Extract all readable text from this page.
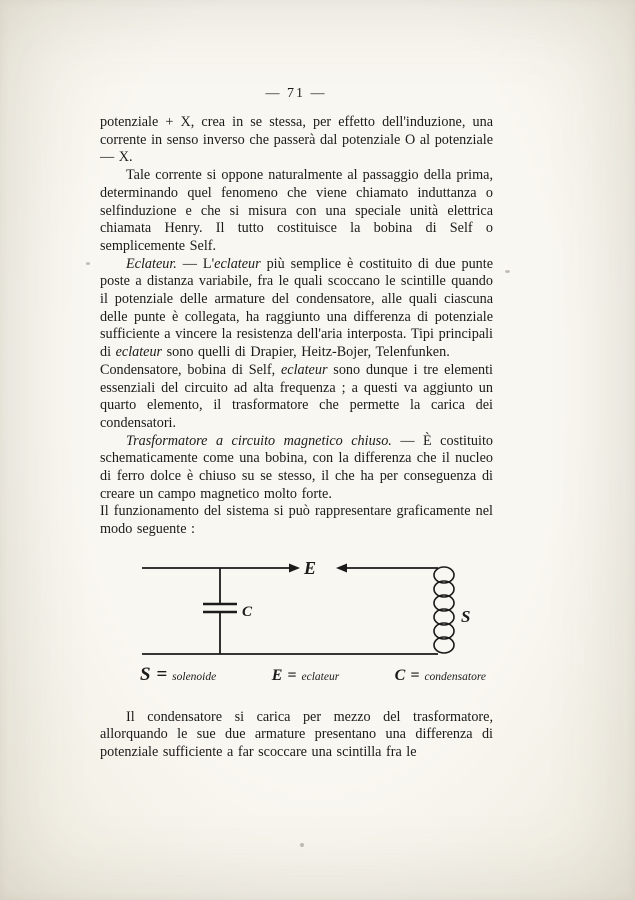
— 71 —

potenziale + X, crea in se stessa, per effetto dell'induzione, una corrente in senso inverso che passerà dal potenziale O al potenziale — X.

Tale corrente si oppone naturalmente al passaggio della prima, determinando quel fenomeno che viene chiamato induttanza o selfinduzione e che si misura con una speciale unità elettrica chiamata Henry. Il tutto costituisce la bobina di Self o semplicemente Self.

Eclateur. — L'eclateur più semplice è costituito di due punte poste a distanza variabile, fra le quali scoccano le scintille quando il potenziale delle armature del condensatore, alle quali ciascuna delle punte è collegata, ha raggiunto una differenza di potenziale sufficiente a vincere la resistenza dell'aria interposta. Tipi principali di eclateur sono quelli di Drapier, Heitz-Bojer, Telenfunken.

Condensatore, bobina di Self, eclateur sono dunque i tre elementi essenziali del circuito ad alta frequenza ; a questi va aggiunto un quarto elemento, il trasformatore che permette la carica dei condensatori.

Trasformatore a circuito magnetico chiuso. — È costituito schematicamente come una bobina, con la differenza che il nucleo di ferro dolce è chiuso su se stesso, il che ha per conseguenza di creare un campo magnetico molto forte.

Il funzionamento del sistema si può rappresentare graficamente nel modo seguente :

E
C	S
S = solenoide	E = eclateur	C = condensatore

Il condensatore si carica per mezzo del trasformatore, allorquando le sue due armature presentano una differenza di potenziale sufficiente a far scoccare una scintilla fra le
